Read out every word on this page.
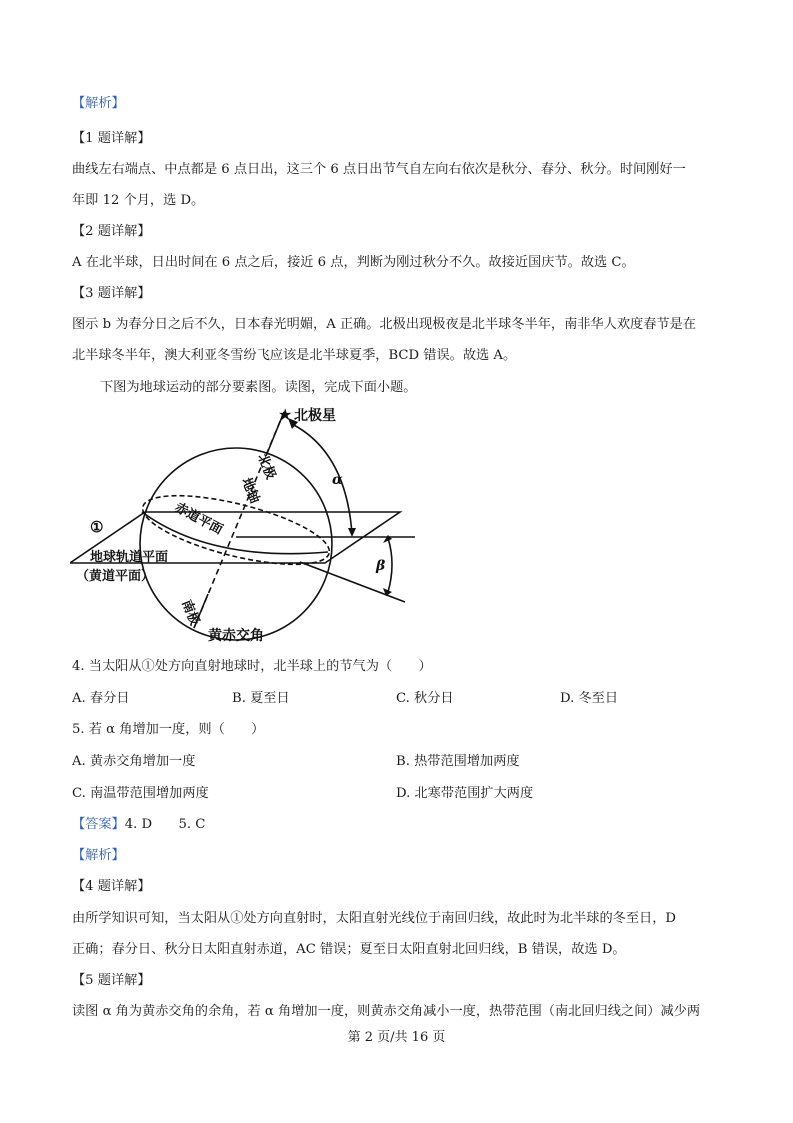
【解析】
【1 题详解】
曲线左右端点、中点都是 6 点日出，这三个 6 点日出节气自左向右依次是秋分、春分、秋分。时间刚好一
年即 12 个月，选 D。
【2 题详解】
A 在北半球，日出时间在 6 点之后，接近 6 点，判断为刚过秋分不久。故接近国庆节。故选 C。
【3 题详解】
图示 b 为春分日之后不久，日本春光明媚，A 正确。北极出现极夜是北半球冬半年，南非华人欢度春节是在
北半球冬半年，澳大利亚冬雪纷飞应该是北半球夏季，BCD 错误。故选 A。
下图为地球运动的部分要素图。读图，完成下面小题。
★ 北极星
北极
地轴
赤道平面
①
地球轨道平面
（黄道平面）
南极
黄赤交角
α
β
4. 当太阳从①处方向直射地球时，北半球上的节气为（　　）
A. 春分日	B. 夏至日	C. 秋分日	D. 冬至日
5. 若 α 角增加一度，则（　　）
A. 黄赤交角增加一度	B. 热带范围增加两度
C. 南温带范围增加两度	D. 北寒带范围扩大两度
【答案】4. D　　5. C
【解析】
【4 题详解】
由所学知识可知，当太阳从①处方向直射时，太阳直射光线位于南回归线，故此时为北半球的冬至日，D
正确；春分日、秋分日太阳直射赤道，AC 错误；夏至日太阳直射北回归线，B 错误，故选 D。
【5 题详解】
读图 α 角为黄赤交角的余角，若 α 角增加一度，则黄赤交角减小一度，热带范围（南北回归线之间）减少两
第 2 页/共 16 页
